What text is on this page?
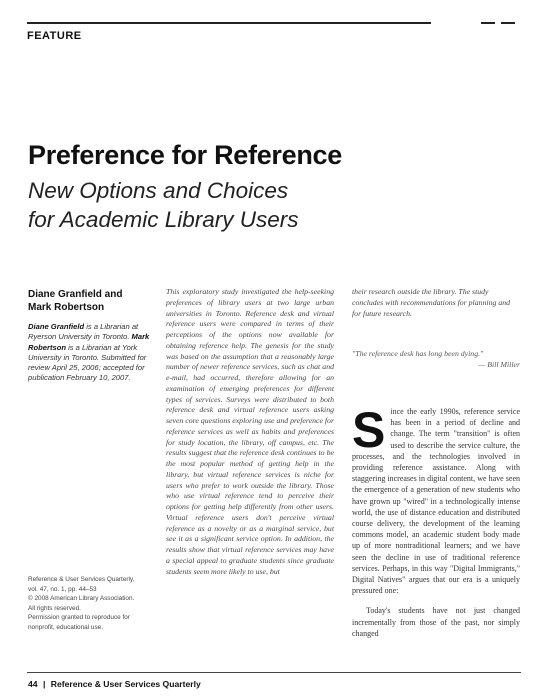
FEATURE
Preference for Reference
New Options and Choices
for Academic Library Users
Diane Granfield and
Mark Robertson
Diane Granfield is a Librarian at Ryerson University in Toronto. Mark Robertson is a Librarian at York University in Toronto. Submitted for review April 25, 2006; accepted for publication February 10, 2007.
Reference & User Services Quarterly,
vol. 47, no. 1, pp. 44–53
© 2008 American Library Association.
All rights reserved.
Permission granted to reproduce for
nonprofit, educational use.
This exploratory study investigated the help-seeking preferences of library users at two large urban universities in Toronto. Reference desk and virtual reference users were compared in terms of their perceptions of the options now available for obtaining reference help. The genesis for the study was based on the assumption that a reasonably large number of newer reference services, such as chat and e-mail, had occurred, therefore allowing for an examination of emerging preferences for different types of services. Surveys were distributed to both reference desk and virtual reference users asking seven core questions exploring use and preference for reference services as well as habits and preferences for study location, the library, off campus, etc. The results suggest that the reference desk continues to be the most popular method of getting help in the library, but virtual reference services is niche for users who prefer to work outside the library. Those who use virtual reference tend to perceive their options for getting help differently from other users. Virtual reference users don't perceive virtual reference as a novelty or as a marginal service, but see it as a significant service option. In addition, the results show that virtual reference services may have a special appeal to graduate students since graduate students seem more likely to use, but
their research outside the library. The study concludes with recommendations for planning and for future research.
"The reference desk has long been dying."
— Bill Miller

Since the early 1990s, reference service has been in a period of decline and change. The term "transition" is often used to describe the service culture, the processes, and the technologies involved in providing reference assistance. Along with staggering increases in digital content, we have seen the emergence of a generation of new students who have grown up "wired" in a technologically intense world, the use of distance education and distributed course delivery, the development of the learning commons model, an academic student body made up of more nontraditional learners; and we have seen the decline in use of traditional reference services. Perhaps, in this way "Digital Immigrants," Digital Natives" argues that our era is a uniquely pressured one:

Today's students have not just changed incrementally from those of the past, nor simply changed

44 | Reference & User Services Quarterly
